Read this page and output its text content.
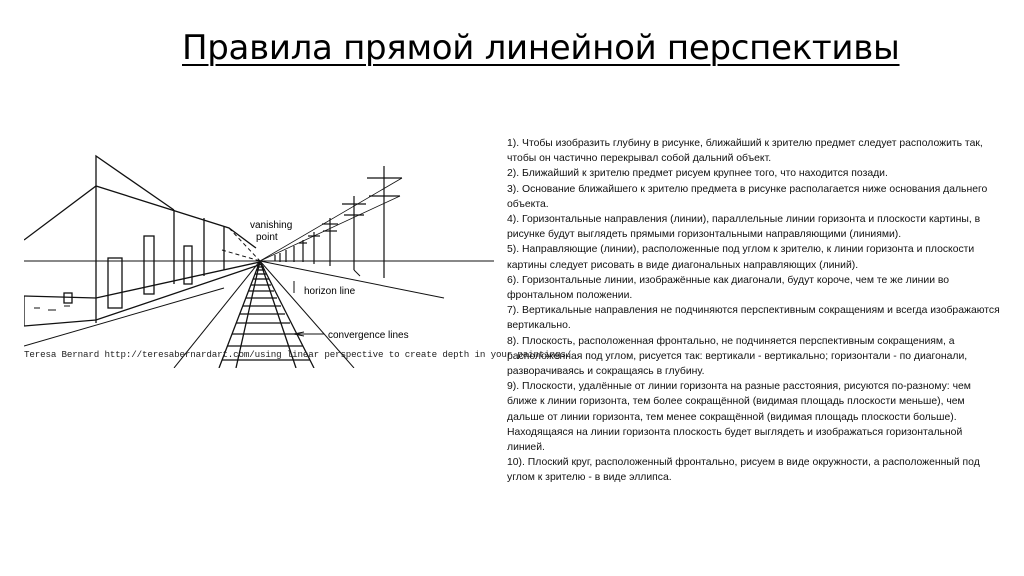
Правила прямой линейной перспективы
vanishing
point
horizon line
convergence lines
Teresa Bernard http://teresabernardart.com/using linear perspective to create depth in your paintings/

1). Чтобы изобразить глубину в рисунке, ближайший к зрителю предмет следует расположить так, чтобы он частично перекрывал собой дальний объект.

2). Ближайший к зрителю предмет рисуем крупнее того, что находится позади.

3). Основание ближайшего к зрителю предмета в рисунке располагается ниже основания дальнего объекта.

4). Горизонтальные направления (линии), параллельные линии горизонта и плоскости картины, в рисунке будут выглядеть прямыми горизонтальными направляющими (линиями).

5). Направляющие (линии), расположенные под углом к зрителю, к линии горизонта и плоскости картины следует рисовать в виде диагональных направляющих (линий).

6). Горизонтальные линии, изображённые как диагонали, будут короче, чем те же линии во фронтальном положении.

7). Вертикальные направления не подчиняются перспективным сокращениям и всегда изображаются вертикально.

8). Плоскость, расположенная фронтально, не подчиняется перспективным сокращениям, а расположенная под углом, рисуется так: вертикали - вертикально; горизонтали - по диагонали, разворачиваясь и сокращаясь в глубину.

9). Плоскости, удалённые от линии горизонта на разные расстояния, рисуются по-разному: чем ближе к линии горизонта, тем более сокращённой (видимая площадь плоскости меньше), чем дальше от линии горизонта, тем менее сокращённой (видимая площадь плоскости больше). Находящаяся на линии горизонта плоскость будет выглядеть и изображаться горизонтальной линией.

10). Плоский круг, расположенный фронтально, рисуем в виде окружности, а расположенный под углом к зрителю - в виде эллипса.
